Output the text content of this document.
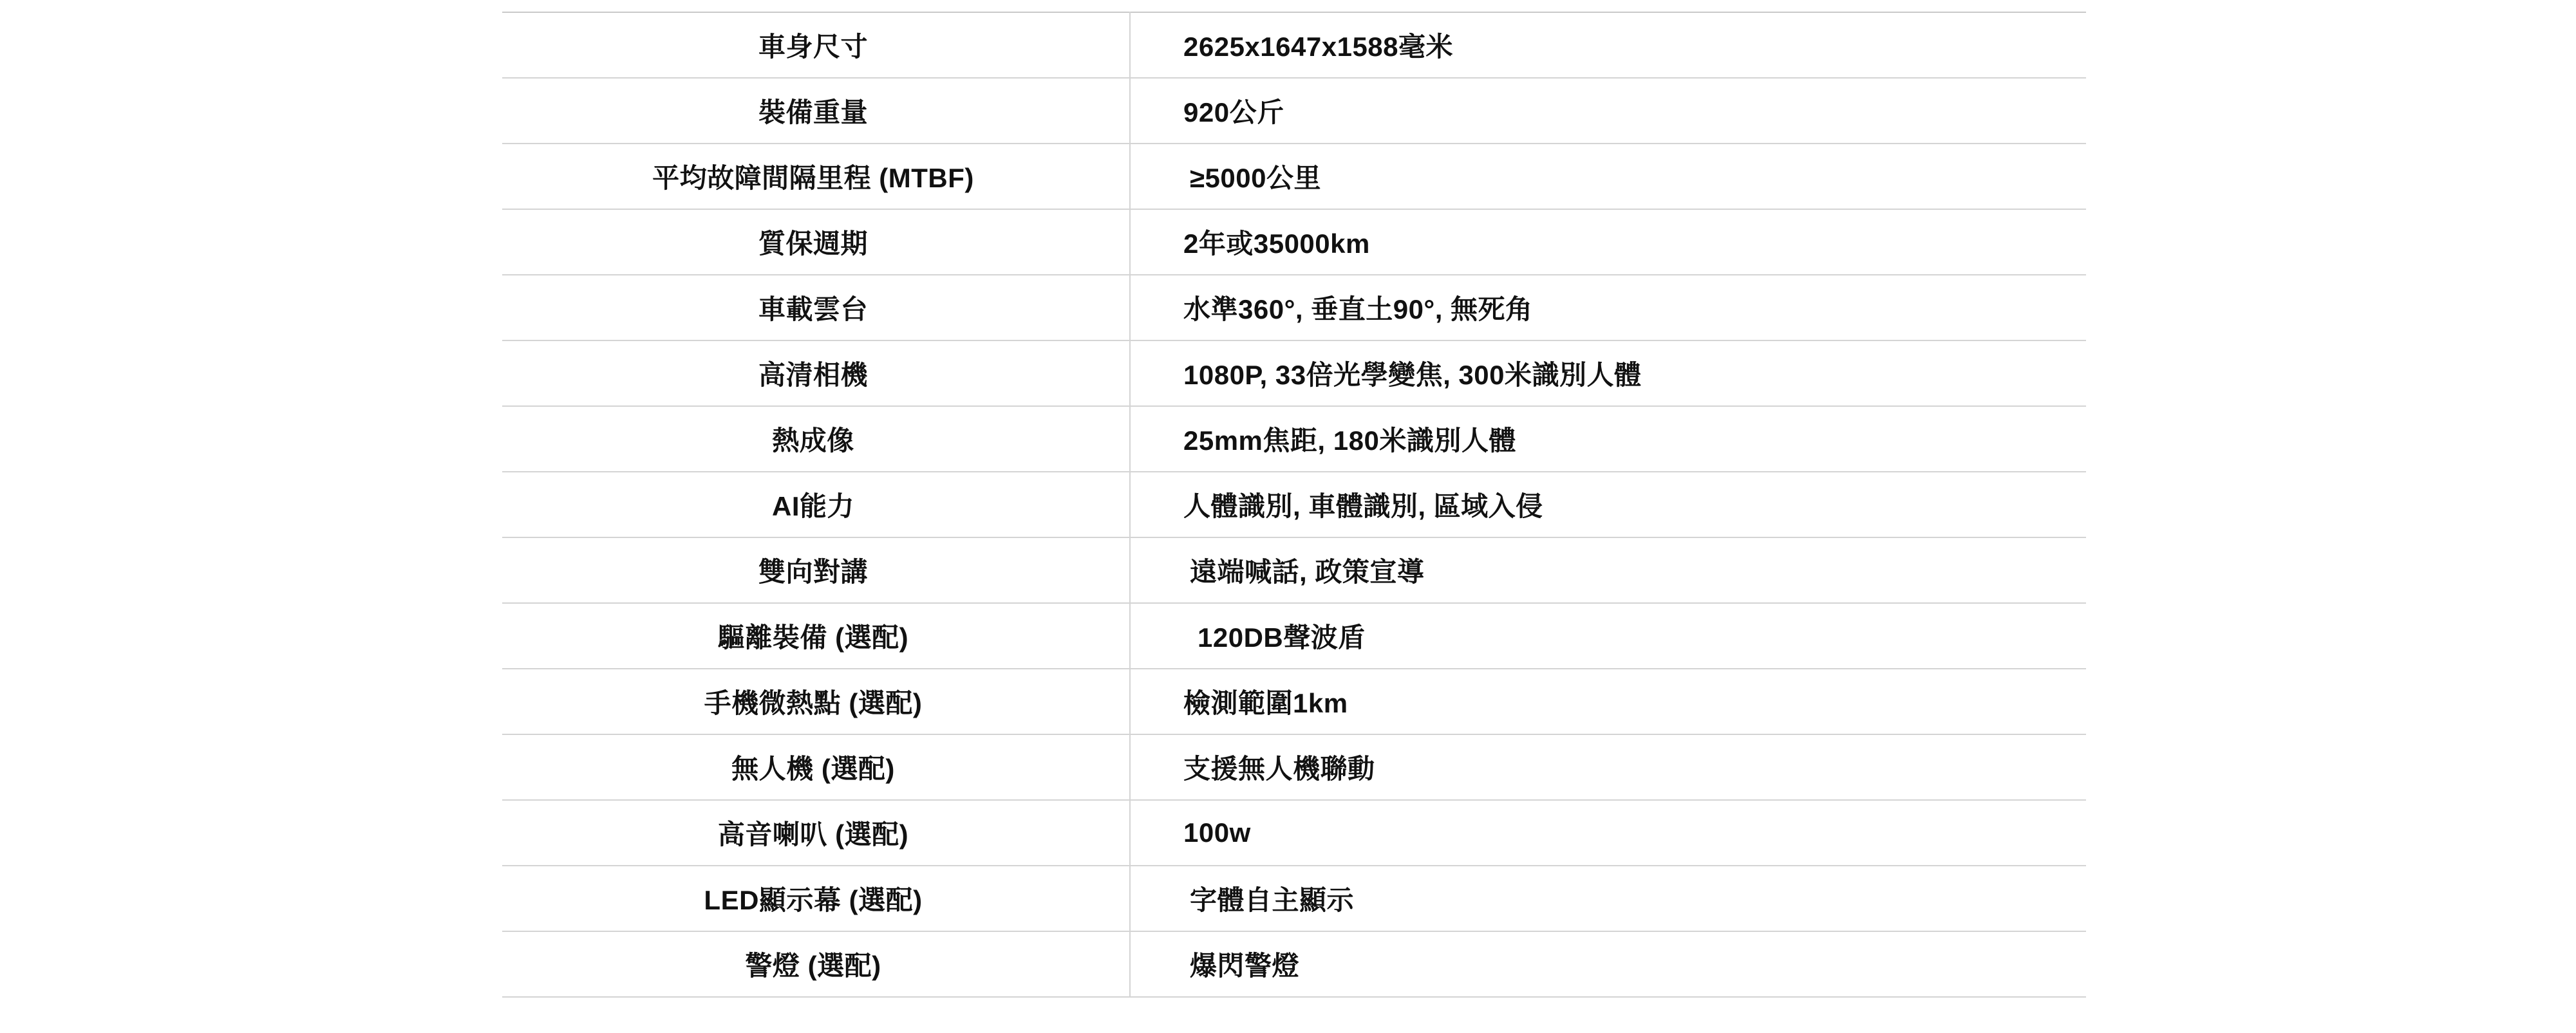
車身尺寸	2625x1647x1588毫米
裝備重量	920公斤
平均故障間隔里程 (MTBF)	≥5000公里
質保週期	2年或35000km
車載雲台	水準360°, 垂直土90°, 無死角
高清相機	1080P, 33倍光學變焦, 300米識別人體
熱成像	25mm焦距, 180米識別人體
AI能力	人體識別, 車體識別, 區域入侵
雙向對講	遠端喊話, 政策宣導
驅離裝備 (選配)	120DB聲波盾
手機微熱點 (選配)	檢測範圍1km
無人機 (選配)	支援無人機聯動
高音喇叭 (選配)	100w
LED顯示幕 (選配)	字體自主顯示
警燈 (選配)	爆閃警燈
